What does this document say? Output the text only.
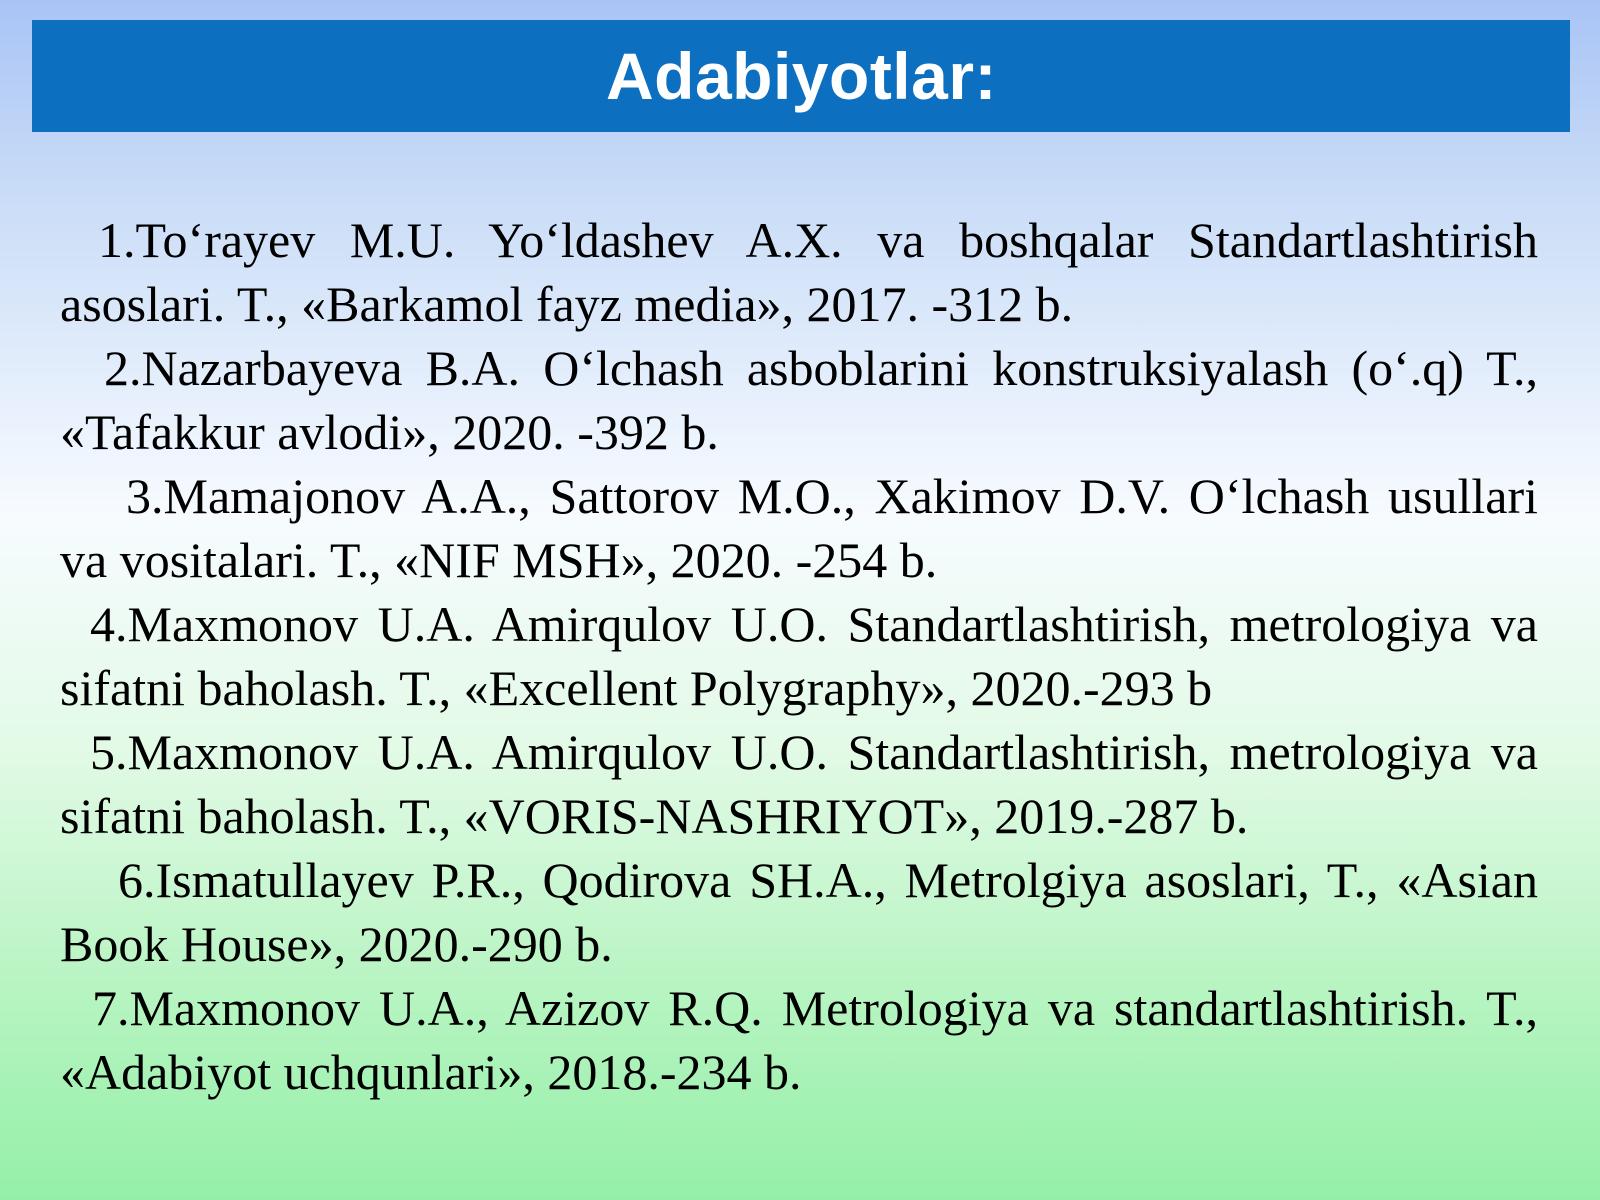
Adabiyotlar:
1.To‘rayev M.U. Yo‘ldashev A.X. va boshqalar Standartlashtirish asoslari. T., «Barkamol fayz media», 2017. -312 b.
2.Nazarbayeva B.A. O‘lchash asboblarini konstruksiyalash (o‘.q) T., «Tafakkur avlodi», 2020. -392 b.
3.Mamajonov A.A., Sattorov M.O., Xakimov D.V. O‘lchash usullari va vositalari. T., «NIF MSH», 2020. -254 b.
4.Maxmonov U.A. Amirqulov U.O. Standartlashtirish, metrologiya va sifatni baholash. T., «Excellent Polygraphy», 2020.-293 b
5.Maxmonov U.A. Amirqulov U.O. Standartlashtirish, metrologiya va sifatni baholash. T., «VORIS-NASHRIYOT», 2019.-287 b.
6.Ismatullayev P.R., Qodirova SH.A., Metrolgiya asoslari, T., «Asian Book House», 2020.-290 b.
7.Maxmonov U.A., Azizov R.Q. Metrologiya va standartlashtirish. T., «Adabiyot uchqunlari», 2018.-234 b.
